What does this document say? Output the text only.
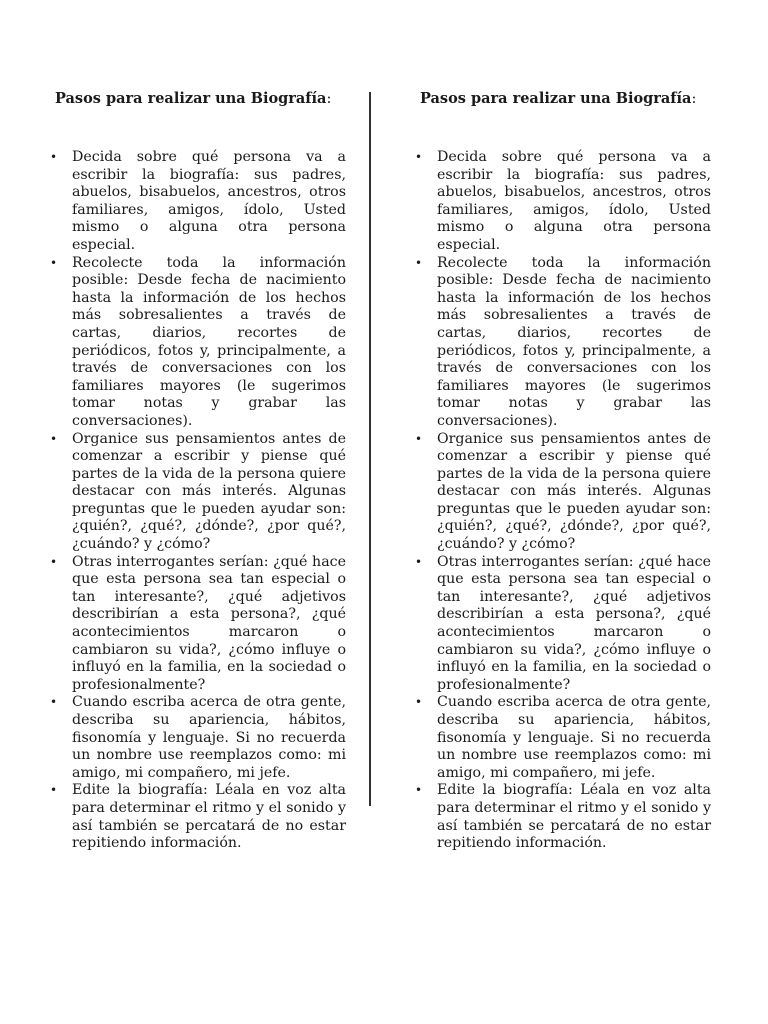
Pasos para realizar una Biografía:
• Decida sobre qué persona va a escribir la biografía: sus padres, abuelos, bisabuelos, ancestros, otros familiares, amigos, ídolo, Usted mismo o alguna otra persona especial.
• Recolecte toda la información posible: Desde fecha de nacimiento hasta la información de los hechos más sobresalientes a través de cartas, diarios, recortes de periódicos, fotos y, principalmente, a través de conversaciones con los familiares mayores (le sugerimos tomar notas y grabar las conversaciones).
• Organice sus pensamientos antes de comenzar a escribir y piense qué partes de la vida de la persona quiere destacar con más interés. Algunas preguntas que le pueden ayudar son: ¿quién?, ¿qué?, ¿dónde?, ¿por qué?, ¿cuándo? y ¿cómo?
• Otras interrogantes serían: ¿qué hace que esta persona sea tan especial o tan interesante?, ¿qué adjetivos describirían a esta persona?, ¿qué acontecimientos marcaron o cambiaron su vida?, ¿cómo influye o influyó en la familia, en la sociedad o profesionalmente?
• Cuando escriba acerca de otra gente, describa su apariencia, hábitos, fisonomía y lenguaje. Si no recuerda un nombre use reemplazos como: mi amigo, mi compañero, mi jefe.
• Edite la biografía: Léala en voz alta para determinar el ritmo y el sonido y así también se percatará de no estar repitiendo información.
Pasos para realizar una Biografía:
• Decida sobre qué persona va a escribir la biografía: sus padres, abuelos, bisabuelos, ancestros, otros familiares, amigos, ídolo, Usted mismo o alguna otra persona especial.
• Recolecte toda la información posible: Desde fecha de nacimiento hasta la información de los hechos más sobresalientes a través de cartas, diarios, recortes de periódicos, fotos y, principalmente, a través de conversaciones con los familiares mayores (le sugerimos tomar notas y grabar las conversaciones).
• Organice sus pensamientos antes de comenzar a escribir y piense qué partes de la vida de la persona quiere destacar con más interés. Algunas preguntas que le pueden ayudar son: ¿quién?, ¿qué?, ¿dónde?, ¿por qué?, ¿cuándo? y ¿cómo?
• Otras interrogantes serían: ¿qué hace que esta persona sea tan especial o tan interesante?, ¿qué adjetivos describirían a esta persona?, ¿qué acontecimientos marcaron o cambiaron su vida?, ¿cómo influye o influyó en la familia, en la sociedad o profesionalmente?
• Cuando escriba acerca de otra gente, describa su apariencia, hábitos, fisonomía y lenguaje. Si no recuerda un nombre use reemplazos como: mi amigo, mi compañero, mi jefe.
• Edite la biografía: Léala en voz alta para determinar el ritmo y el sonido y así también se percatará de no estar repitiendo información.
